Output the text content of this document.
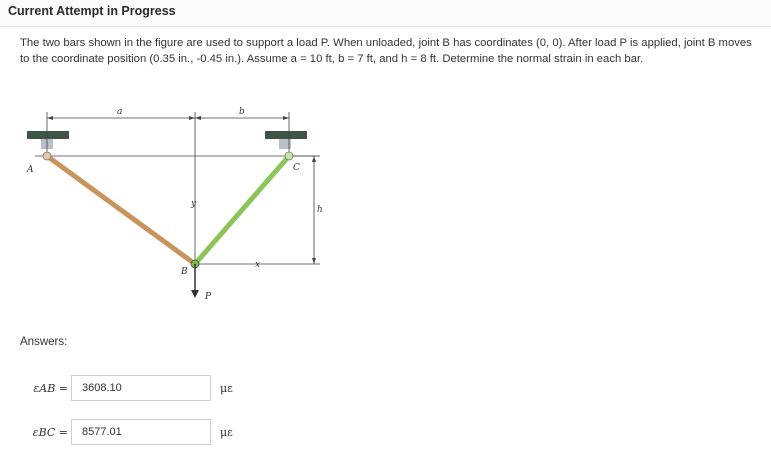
Current Attempt in Progress
The two bars shown in the figure are used to support a load P. When unloaded, joint B has coordinates (0, 0). After load P is applied, joint B moves to the coordinate position (0.35 in., -0.45 in.). Assume a = 10 ft, b = 7 ft, and h = 8 ft. Determine the normal strain in each bar.
a	b
A	C
B
y
x
h
P
Answers:
εAB =
3608.10	με
εBC =
8577.01	με
